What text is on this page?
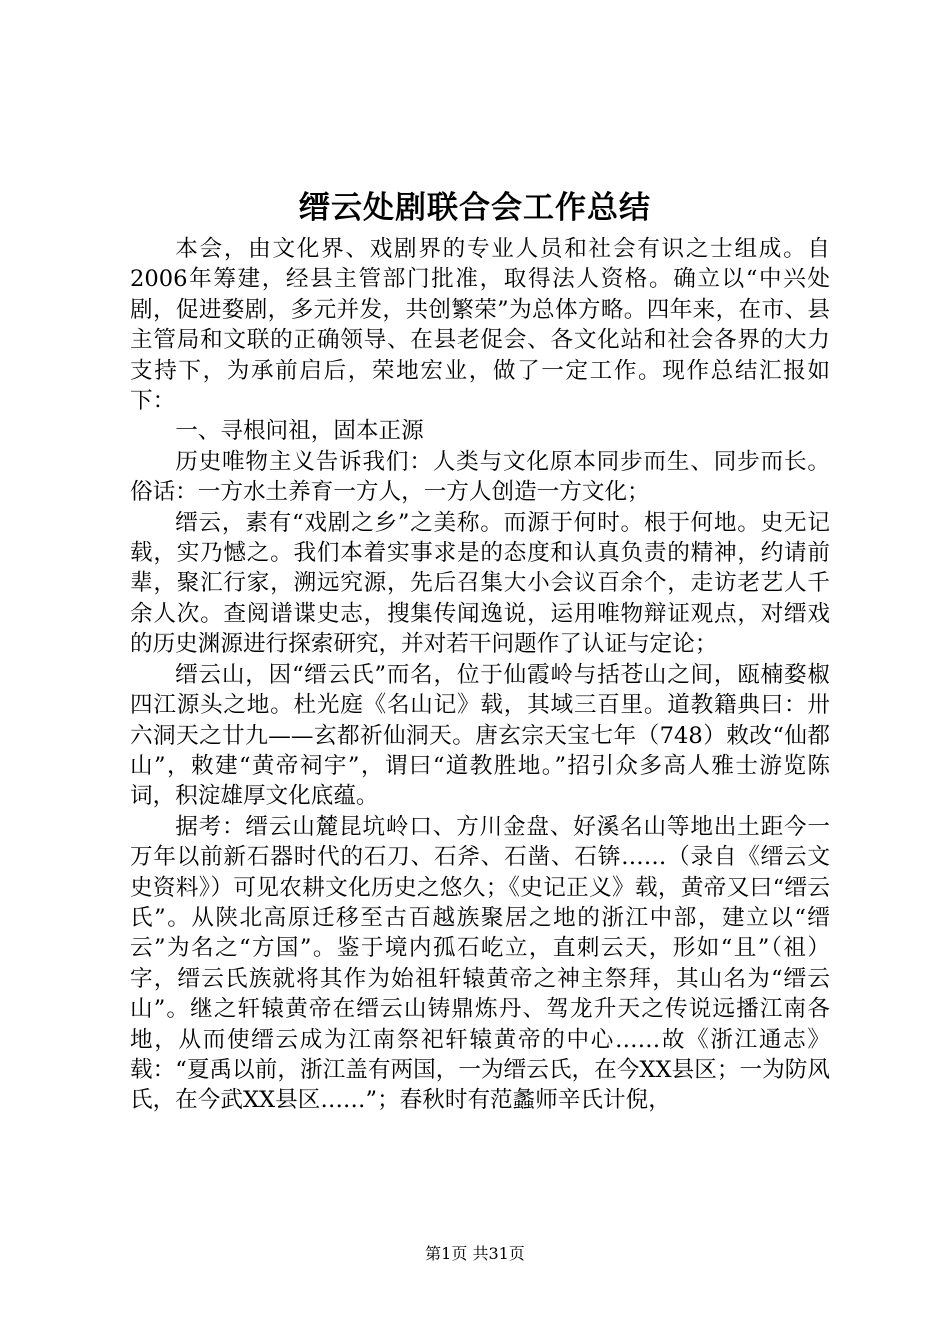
缙云处剧联合会工作总结

本会，由文化界、戏剧界的专业人员和社会有识之士组成。自2006年筹建，经县主管部门批准，取得法人资格。确立以“中兴处剧，促进婺剧，多元并发，共创繁荣”为总体方略。四年来，在市、县主管局和文联的正确领导、在县老促会、各文化站和社会各界的大力支持下，为承前启后，荣地宏业，做了一定工作。现作总结汇报如下：

一、寻根问祖，固本正源

历史唯物主义告诉我们：人类与文化原本同步而生、同步而长。俗话：一方水土养育一方人，一方人创造一方文化；

缙云，素有“戏剧之乡”之美称。而源于何时。根于何地。史无记载，实乃憾之。我们本着实事求是的态度和认真负责的精神，约请前辈，聚汇行家，溯远究源，先后召集大小会议百余个，走访老艺人千余人次。查阅谱谍史志，搜集传闻逸说，运用唯物辩证观点，对缙戏的历史渊源进行探索研究，并对若干问题作了认证与定论；

缙云山，因“缙云氏”而名，位于仙霞岭与括苍山之间，瓯楠婺椒四江源头之地。杜光庭《名山记》载，其域三百里。道教籍典曰：卅六洞天之廿九——玄都祈仙洞天。唐玄宗天宝七年（748）敕改“仙都山”，敕建“黄帝祠宇”，谓曰“道教胜地。”招引众多高人雅士游览陈词，积淀雄厚文化底蕴。

据考：缙云山麓昆坑岭口、方川金盘、好溪名山等地出土距今一万年以前新石器时代的石刀、石斧、石凿、石锛……（录自《缙云文史资料》）可见农耕文化历史之悠久；《史记正义》载，黄帝又曰“缙云氏”。从陕北高原迁移至古百越族聚居之地的浙江中部，建立以“缙云”为名之“方国”。鉴于境内孤石屹立，直刺云天，形如“且”（祖）字，缙云氏族就将其作为始祖轩辕黄帝之神主祭拜，其山名为“缙云山”。继之轩辕黄帝在缙云山铸鼎炼丹、驾龙升天之传说远播江南各地，从而使缙云成为江南祭祀轩辕黄帝的中心……故《浙江通志》载：“夏禹以前，浙江盖有两国，一为缙云氏，在今XX县区；一为防风氏，在今武XX县区……”；春秋时有范蠡师辛氏计倪，

第1页 共31页
